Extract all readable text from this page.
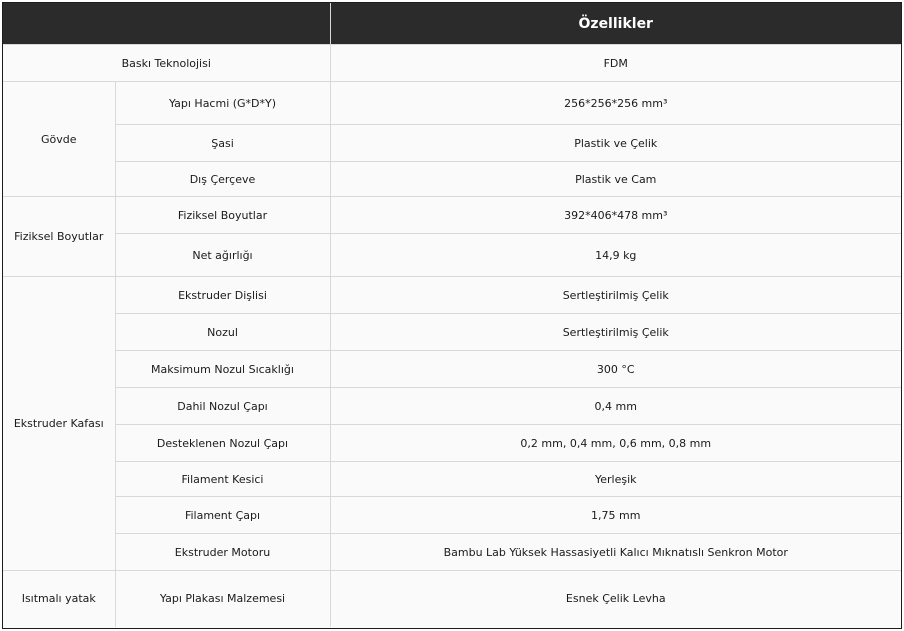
		Özellikler
Baskı Teknolojisi		FDM
Gövde	Yapı Hacmi (G*D*Y)	256*256*256 mm³
	Şasi	Plastik ve Çelik
	Dış Çerçeve	Plastik ve Cam
Fiziksel Boyutlar	Fiziksel Boyutlar	392*406*478 mm³
	Net ağırlığı	14,9 kg
Ekstruder Kafası	Ekstruder Dişlisi	Sertleştirilmiş Çelik
	Nozul	Sertleştirilmiş Çelik
	Maksimum Nozul Sıcaklığı	300 °C
	Dahil Nozul Çapı	0,4 mm
	Desteklenen Nozul Çapı	0,2 mm, 0,4 mm, 0,6 mm, 0,8 mm
	Filament Kesici	Yerleşik
	Filament Çapı	1,75 mm
	Ekstruder Motoru	Bambu Lab Yüksek Hassasiyetli Kalıcı Mıknatıslı Senkron Motor
Isıtmalı yatak	Yapı Plakası Malzemesi	Esnek Çelik Levha
